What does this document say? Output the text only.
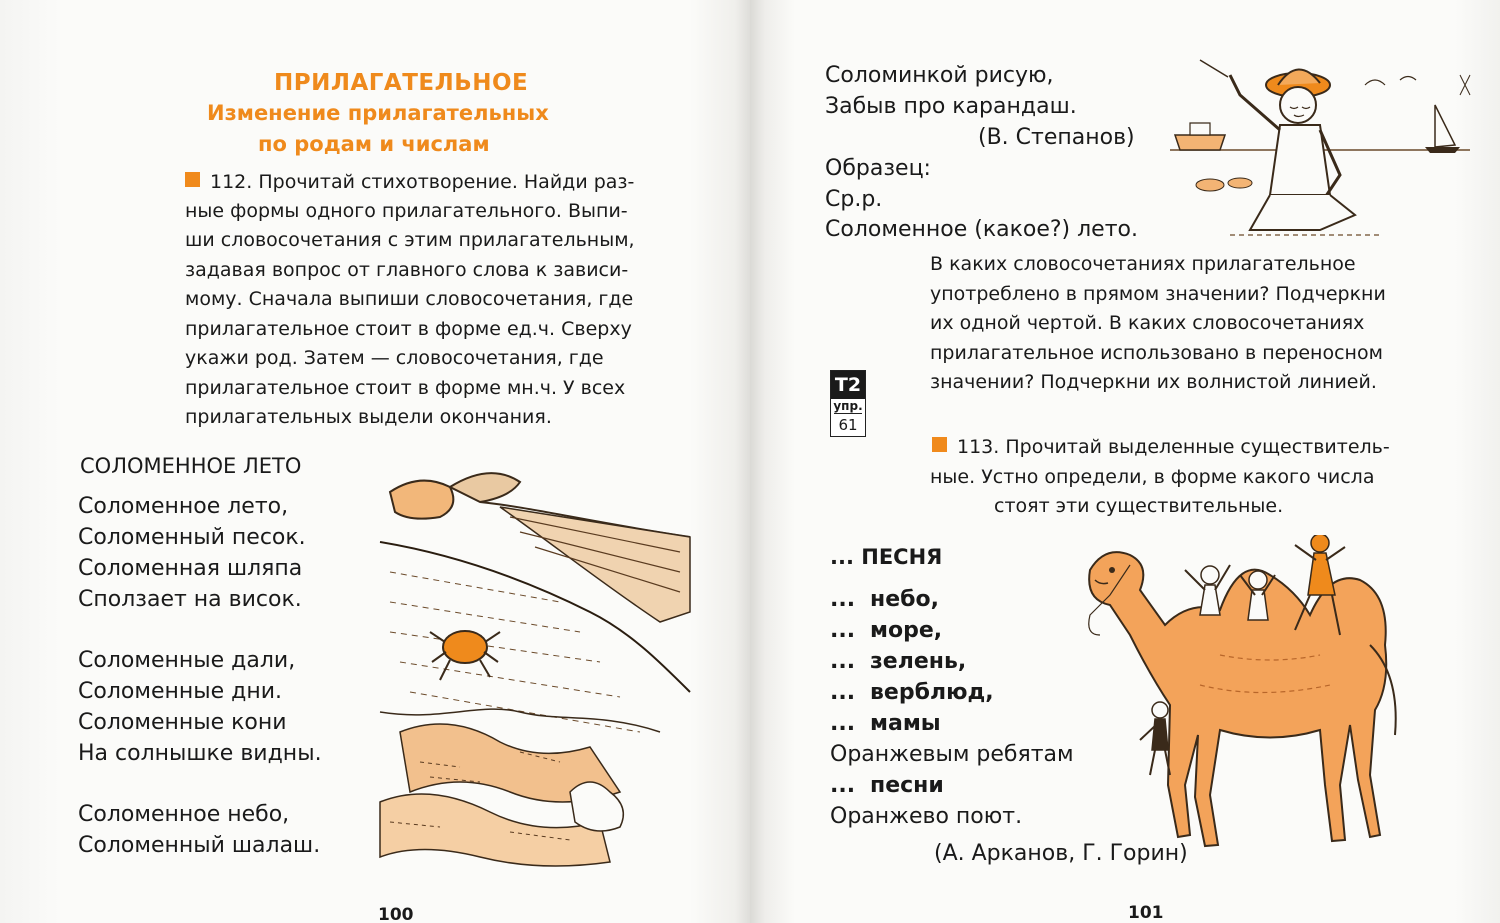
ПРИЛАГАТЕЛЬНОЕ
Изменение прилагательных
по родам и числам
112. Прочитай стихотворение. Найди раз-
ные формы одного прилагательного. Выпи-
ши словосочетания с этим прилагательным,
задавая вопрос от главного слова к зависи-
мому. Сначала выпиши словосочетания, где
прилагательное стоит в форме ед.ч. Сверху
укажи род. Затем — словосочетания, где
прилагательное стоит в форме мн.ч. У всех
прилагательных выдели окончания.
СОЛОМЕННОЕ ЛЕТО
Соломенное лето,
Соломенный песок.
Соломенная шляпа
Сползает на висок.
Соломенные дали,
Соломенные дни.
Соломенные кони
На солнышке видны.
Соломенное небо,
Соломенный шалаш.
100
Соломинкой рисую,
Забыв про карандаш.
(В. Степанов)
Образец:
Ср.р.
Соломенное (какое?) лето.
В каких словосочетаниях прилагательное
употреблено в прямом значении? Подчеркни
их одной чертой. В каких словосочетаниях
прилагательное использовано в переносном
значении? Подчеркни их волнистой линией.
113. Прочитай выделенные существитель-
ные. Устно определи, в форме какого числа
стоят эти существительные.
... ПЕСНЯ
... небо,
... море,
... зелень,
... верблюд,
... мамы
Оранжевым ребятам
... песни
Оранжево поют.
(А. Арканов, Г. Горин)
101
Т2
упр.
61
